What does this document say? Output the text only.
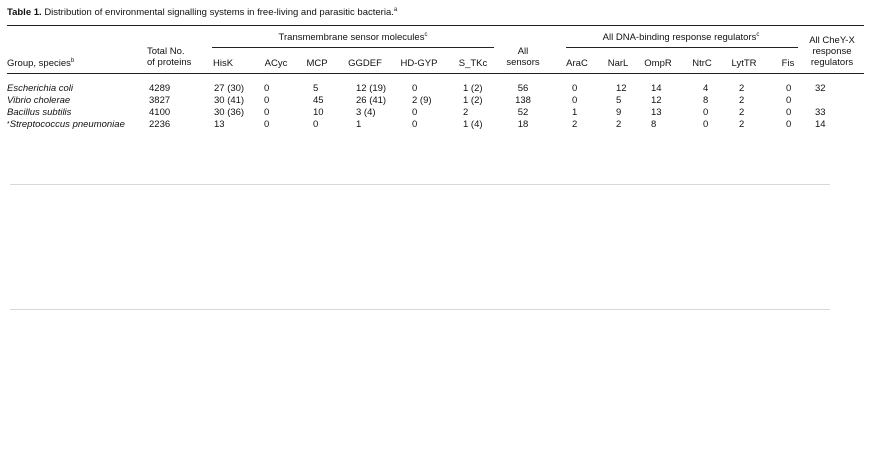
Table 1. Distribution of environmental signalling systems in free-living and parasitic bacteria.$^a$
Transmembrane sensor molecules$^c$	All DNA-binding response regulators$^c$
All CheY-X
response
regulators
Group, species$^b$
Total No.
of proteins
All
sensors
HisK	ACyc MCP GGDEF HD-GYP S_TKc	AraC NarL OmpR NtrC LytTR	Fis
Escherichia coli	4289	27 (30) 0	5	12 (19)	0	1 (2)	56	0	12	14	4	2	0 32
Vibrio cholerae	3827	30 (41) 0	45	26 (41)	2 (9)	1 (2)	138	0	5	12	8	2	0
Bacillus subtilis	4100	30 (36) 0	10	3 (4)	0	2	52	1	9	13	0	2	0 33
*Streptococcus pneumoniae	2236	13	0	0	1	0	1 (4)	18	2	2	8	0	2	0 14
